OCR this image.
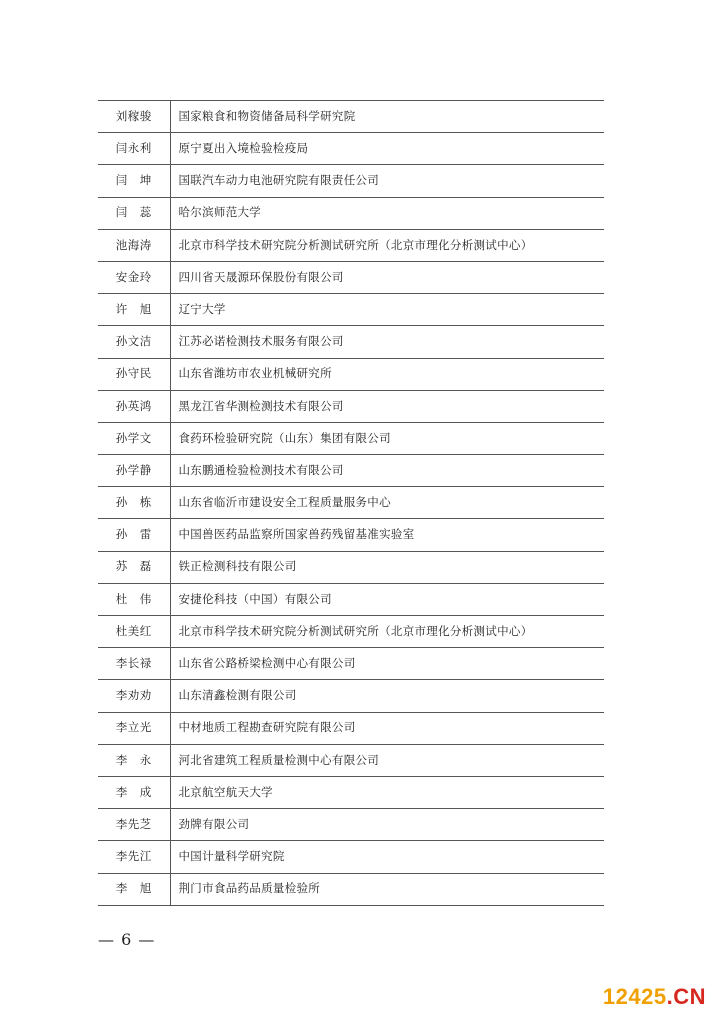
刘稼骏	国家粮食和物资储备局科学研究院
闫永利	原宁夏出入境检验检疫局
闫　坤	国联汽车动力电池研究院有限责任公司
闫　蕊	哈尔滨师范大学
池海涛	北京市科学技术研究院分析测试研究所（北京市理化分析测试中心）
安金玲	四川省天晟源环保股份有限公司
许　旭	辽宁大学
孙文洁	江苏必诺检测技术服务有限公司
孙守民	山东省潍坊市农业机械研究所
孙英鸿	黑龙江省华测检测技术有限公司
孙学文	食药环检验研究院（山东）集团有限公司
孙学静	山东鹏通检验检测技术有限公司
孙　栋	山东省临沂市建设安全工程质量服务中心
孙　雷	中国兽医药品监察所国家兽药残留基准实验室
苏　磊	铁正检测科技有限公司
杜　伟	安捷伦科技（中国）有限公司
杜美红	北京市科学技术研究院分析测试研究所（北京市理化分析测试中心）
李长禄	山东省公路桥梁检测中心有限公司
李劝劝	山东清鑫检测有限公司
李立光	中材地质工程勘查研究院有限公司
李　永	河北省建筑工程质量检测中心有限公司
李　成	北京航空航天大学
李先芝	劲牌有限公司
李先江	中国计量科学研究院
李　旭	荆门市食品药品质量检验所
— 6 —
12425.CN
